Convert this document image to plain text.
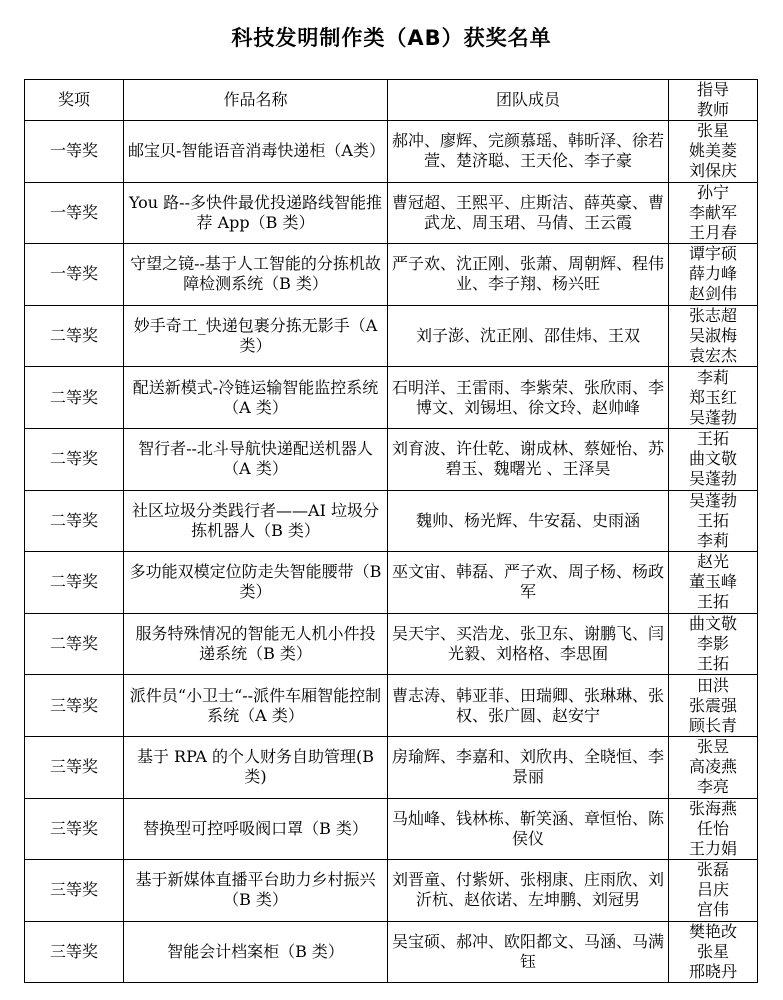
科技发明制作类（AB）获奖名单
奖项	作品名称	团队成员	指导
教师

一等奖	邮宝贝-智能语音消毒快递柜（A类）	郝冲、廖辉、完颜慕瑶、韩昕泽、徐若萱、楚济聪、王天伦、李子豪	张星
姚美菱
刘保庆

一等奖	You 路--多快件最优投递路线智能推荐 App（B 类）	曹冠超、王熙平、庄斯洁、薛英豪、曹武龙、周玉珺、马倩、王云霞	孙宁
李献军
王月春

一等奖	守望之镜--基于人工智能的分拣机故障检测系统（B 类）	严子欢、沈正刚、张萧、周朝辉、程伟业、李子翔、杨兴旺	谭宇硕
薛力峰
赵剑伟

二等奖	妙手奇工_快递包裹分拣无影手（A 类）	刘子澎、沈正刚、邵佳炜、王双	张志超
吴淑梅
袁宏杰

二等奖	配送新模式-冷链运输智能监控系统（A 类）	石明洋、王雷雨、李紫荣、张欣雨、李博文、刘锡坦、徐文玲、赵帅峰	李莉
郑玉红
吴蓬勃

二等奖	智行者--北斗导航快递配送机器人（A 类）	刘育波、许仕乾、谢成林、蔡娅怡、苏碧玉、魏曙光 、王泽昊	王拓
曲文敬
吴蓬勃

二等奖	社区垃圾分类践行者——AI 垃圾分拣机器人（B 类）	魏帅、杨光辉、牛安磊、史雨涵	吴蓬勃
王拓
李莉

二等奖	多功能双模定位防走失智能腰带（B 类）	巫文宙、韩磊、严子欢、周子杨、杨政军	赵光
董玉峰
王拓

二等奖	服务特殊情况的智能无人机小件投递系统（B 类）	吴天宇、买浩龙、张卫东、谢鹏飞、闫光毅、刘格格、李思囿	曲文敬
李影
王拓

三等奖	派件员“小卫士“--派件车厢智能控制系统（A 类）	曹志涛、韩亚菲、田瑞卿、张琳琳、张权、张广圆、赵安宁	田洪
张震强
顾长青

三等奖	基于 RPA 的个人财务自助管理(B 类)	房瑜辉、李嘉和、刘欣冉、全晓恒、李景丽	张昱
高凌燕
李亮

三等奖	替换型可控呼吸阀口罩（B 类）	马灿峰、钱林栋、靳笑涵、章恒怡、陈侯仪	张海燕
任怡
王力娟

三等奖	基于新媒体直播平台助力乡村振兴（B 类）	刘晋童、付紫妍、张栩康、庄雨欣、刘沂杭、赵依诺、左坤鹏、刘冠男	张磊
吕庆
宫伟

三等奖	智能会计档案柜（B 类）	吴宝硕、郝冲、欧阳都文、马涵、马满钰	樊艳改
张星
邢晓丹
